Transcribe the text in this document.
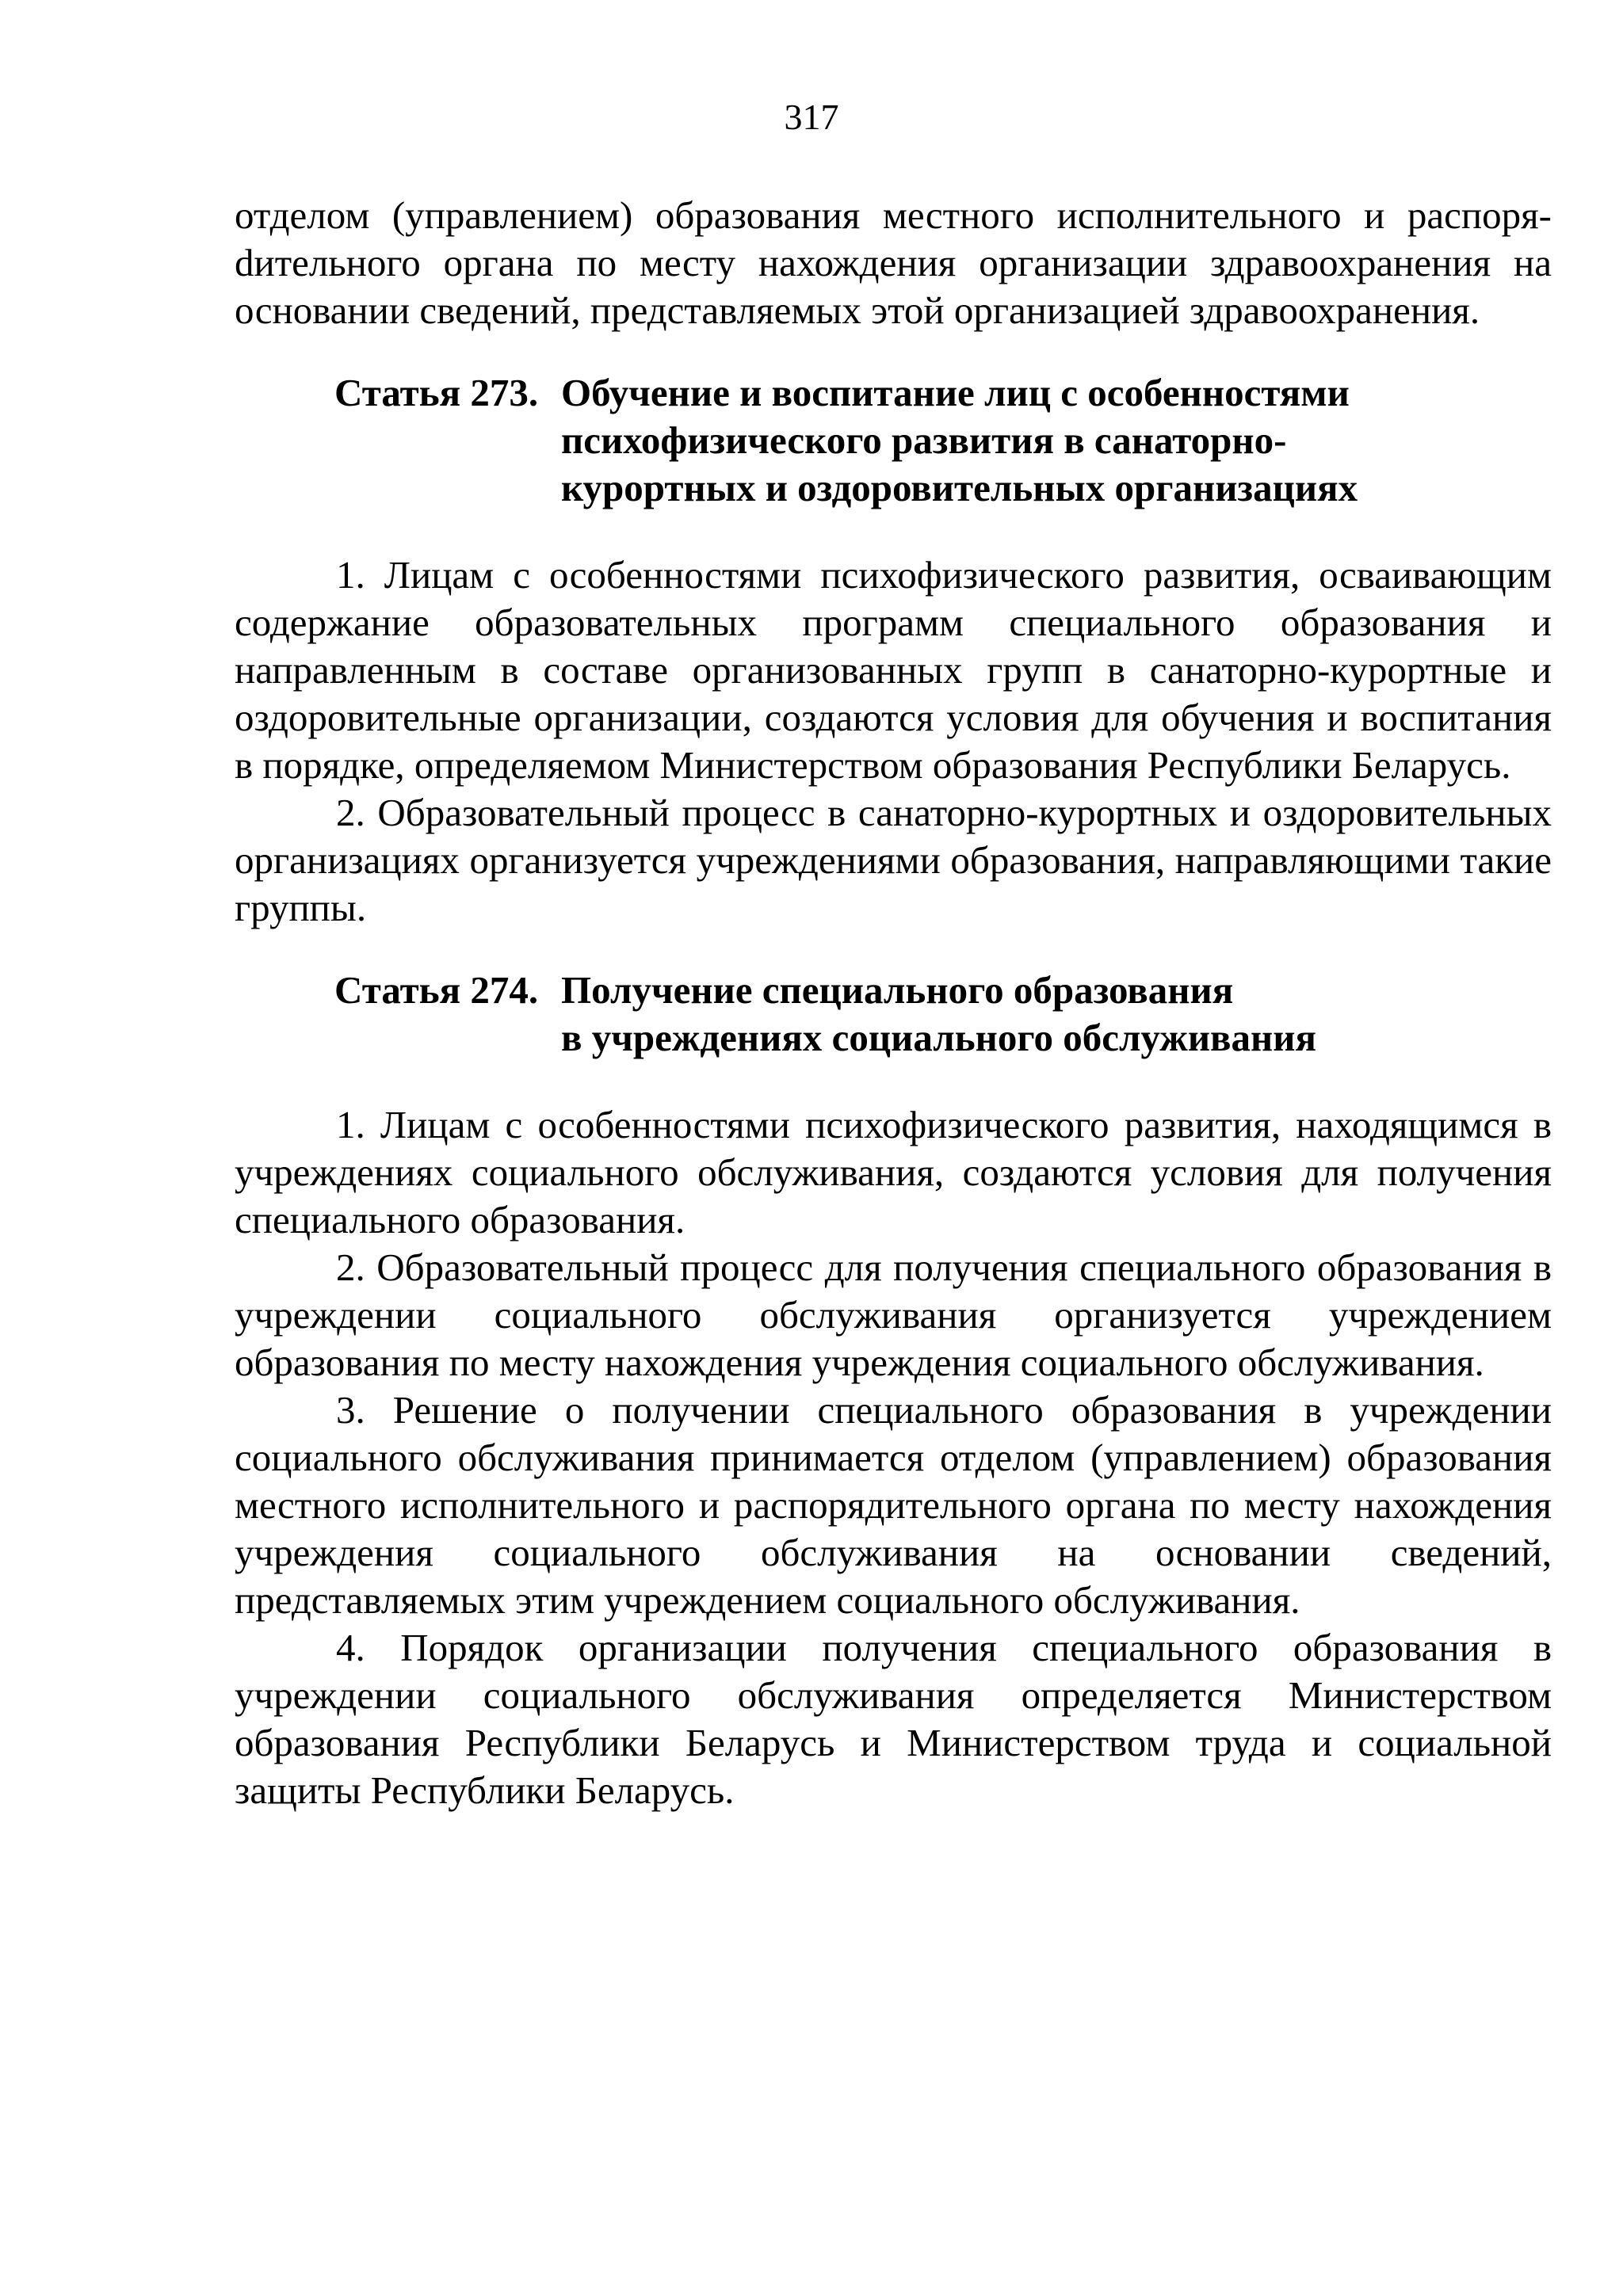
317

отделом (управлением) образования местного исполнительного и распоряdительного органа по месту нахождения организации здравоохранения на основании сведений, представляемых этой организацией здравоохранения.

Статья 273. Обучение и воспитание лиц с особенностями
психофизического развития в санаторно-
курортных и оздоровительных организациях

1. Лицам с особенностями психофизического развития, осваивающим содержание образовательных программ специального образования и направленным в составе организованных групп в санаторно-курортные и оздоровительные организации, создаются условия для обучения и воспитания в порядке, определяемом Министерством образования Республики Беларусь.

2. Образовательный процесс в санаторно-курортных и оздоровительных организациях организуется учреждениями образования, направляющими такие группы.

Статья 274. Получение специального образования
в учреждениях социального обслуживания

1. Лицам с особенностями психофизического развития, находящимся в учреждениях социального обслуживания, создаются условия для получения специального образования.

2. Образовательный процесс для получения специального образования в учреждении социального обслуживания организуется учреждением образования по месту нахождения учреждения социального обслуживания.

3. Решение о получении специального образования в учреждении социального обслуживания принимается отделом (управлением) образования местного исполнительного и распорядительного органа по месту нахождения учреждения социального обслуживания на основании сведений, представляемых этим учреждением социального обслуживания.

4. Порядок организации получения специального образования в учреждении социального обслуживания определяется Министерством образования Республики Беларусь и Министерством труда и социальной защиты Республики Беларусь.
